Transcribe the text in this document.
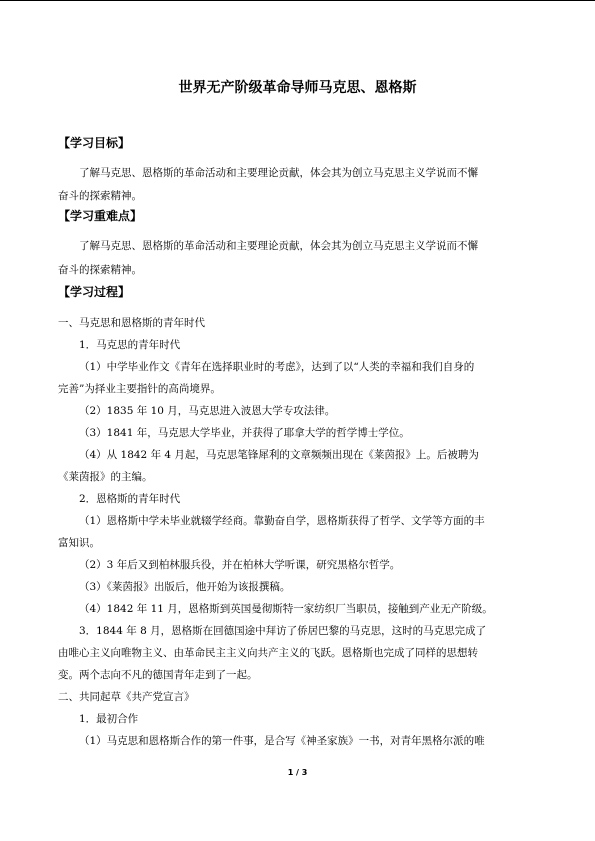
世界无产阶级革命导师马克思、恩格斯
【学习目标】
了解马克思、恩格斯的革命活动和主要理论贡献，体会其为创立马克思主义学说而不懈
奋斗的探索精神。
【学习重难点】
了解马克思、恩格斯的革命活动和主要理论贡献，体会其为创立马克思主义学说而不懈
奋斗的探索精神。
【学习过程】
一、马克思和恩格斯的青年时代
1．马克思的青年时代
（1）中学毕业作文《青年在选择职业时的考虑》，达到了以“人类的幸福和我们自身的
完善”为择业主要指针的高尚境界。
（2）1835 年 10 月，马克思进入波恩大学专攻法律。
（3）1841 年，马克思大学毕业，并获得了耶拿大学的哲学博士学位。
（4）从 1842 年 4 月起，马克思笔锋犀利的文章频频出现在《莱茵报》上。后被聘为
《莱茵报》的主编。
2．恩格斯的青年时代
（1）恩格斯中学未毕业就辍学经商。靠勤奋自学，恩格斯获得了哲学、文学等方面的丰
富知识。
（2）3 年后又到柏林服兵役，并在柏林大学听课，研究黑格尔哲学。
（3）《莱茵报》出版后，他开始为该报撰稿。
（4）1842 年 11 月，恩格斯到英国曼彻斯特一家纺织厂当职员，接触到产业无产阶级。
3．1844 年 8 月，恩格斯在回德国途中拜访了侨居巴黎的马克思，这时的马克思完成了
由唯心主义向唯物主义、由革命民主主义向共产主义的飞跃。恩格斯也完成了同样的思想转
变。两个志向不凡的德国青年走到了一起。
二、共同起草《共产党宣言》
1．最初合作
（1）马克思和恩格斯合作的第一件事，是合写《神圣家族》一书，对青年黑格尔派的唯
1 / 3
